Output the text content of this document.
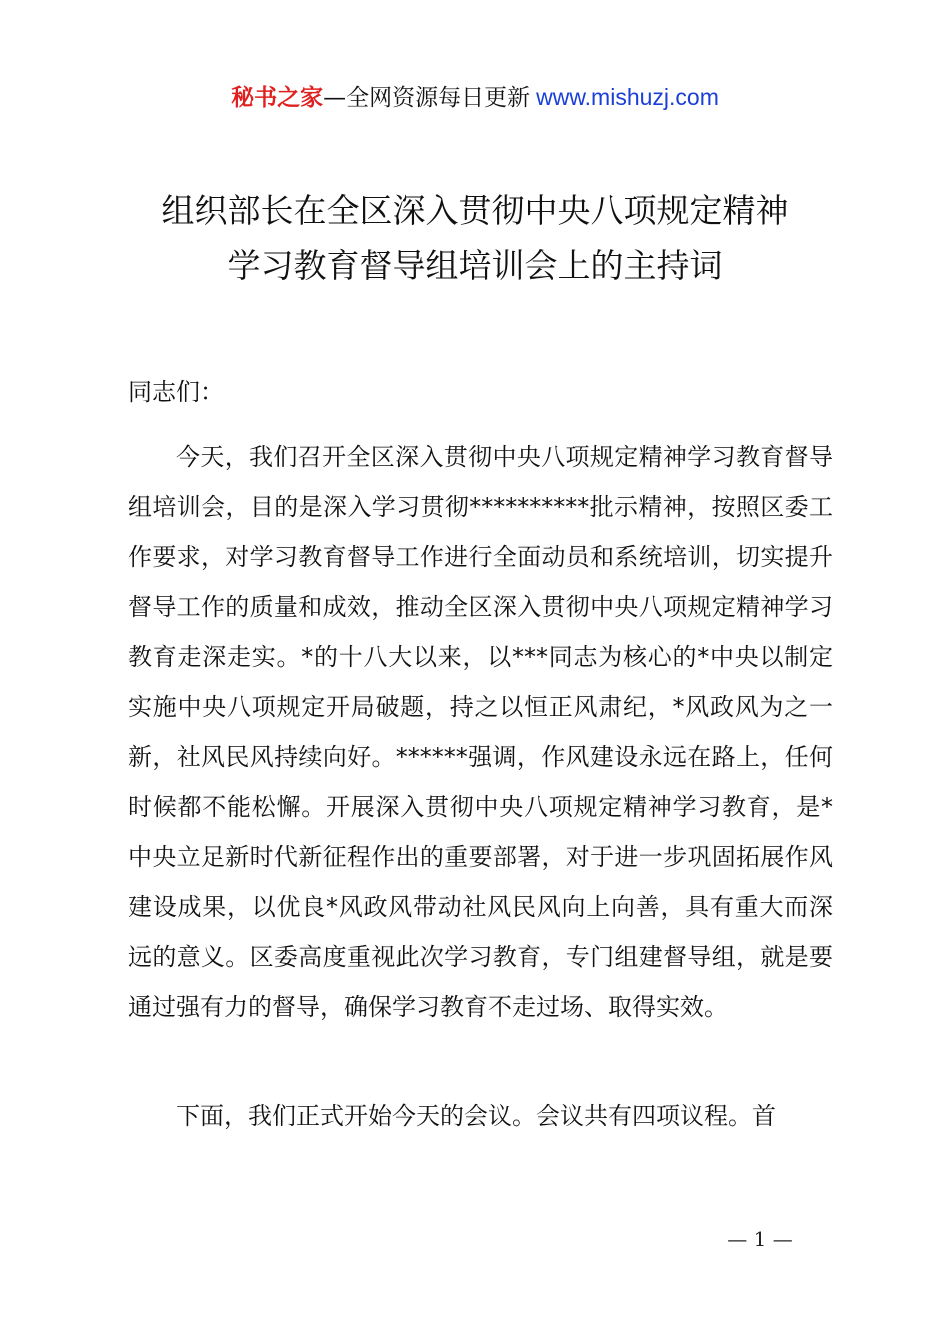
秘书之家—全网资源每日更新 www.mishuzj.com
组织部长在全区深入贯彻中央八项规定精神
学习教育督导组培训会上的主持词
同志们：

今天，我们召开全区深入贯彻中央八项规定精神学习教育督导组培训会，目的是深入学习贯彻**********批示精神，按照区委工作要求，对学习教育督导工作进行全面动员和系统培训，切实提升督导工作的质量和成效，推动全区深入贯彻中央八项规定精神学习教育走深走实。*的十八大以来，以***同志为核心的*中央以制定实施中央八项规定开局破题，持之以恒正风肃纪，*风政风为之一新，社风民风持续向好。******强调，作风建设永远在路上，任何时候都不能松懈。开展深入贯彻中央八项规定精神学习教育，是*中央立足新时代新征程作出的重要部署，对于进一步巩固拓展作风建设成果，以优良*风政风带动社风民风向上向善，具有重大而深远的意义。区委高度重视此次学习教育，专门组建督导组，就是要通过强有力的督导，确保学习教育不走过场、取得实效。

下面，我们正式开始今天的会议。会议共有四项议程。首

— 1 —
